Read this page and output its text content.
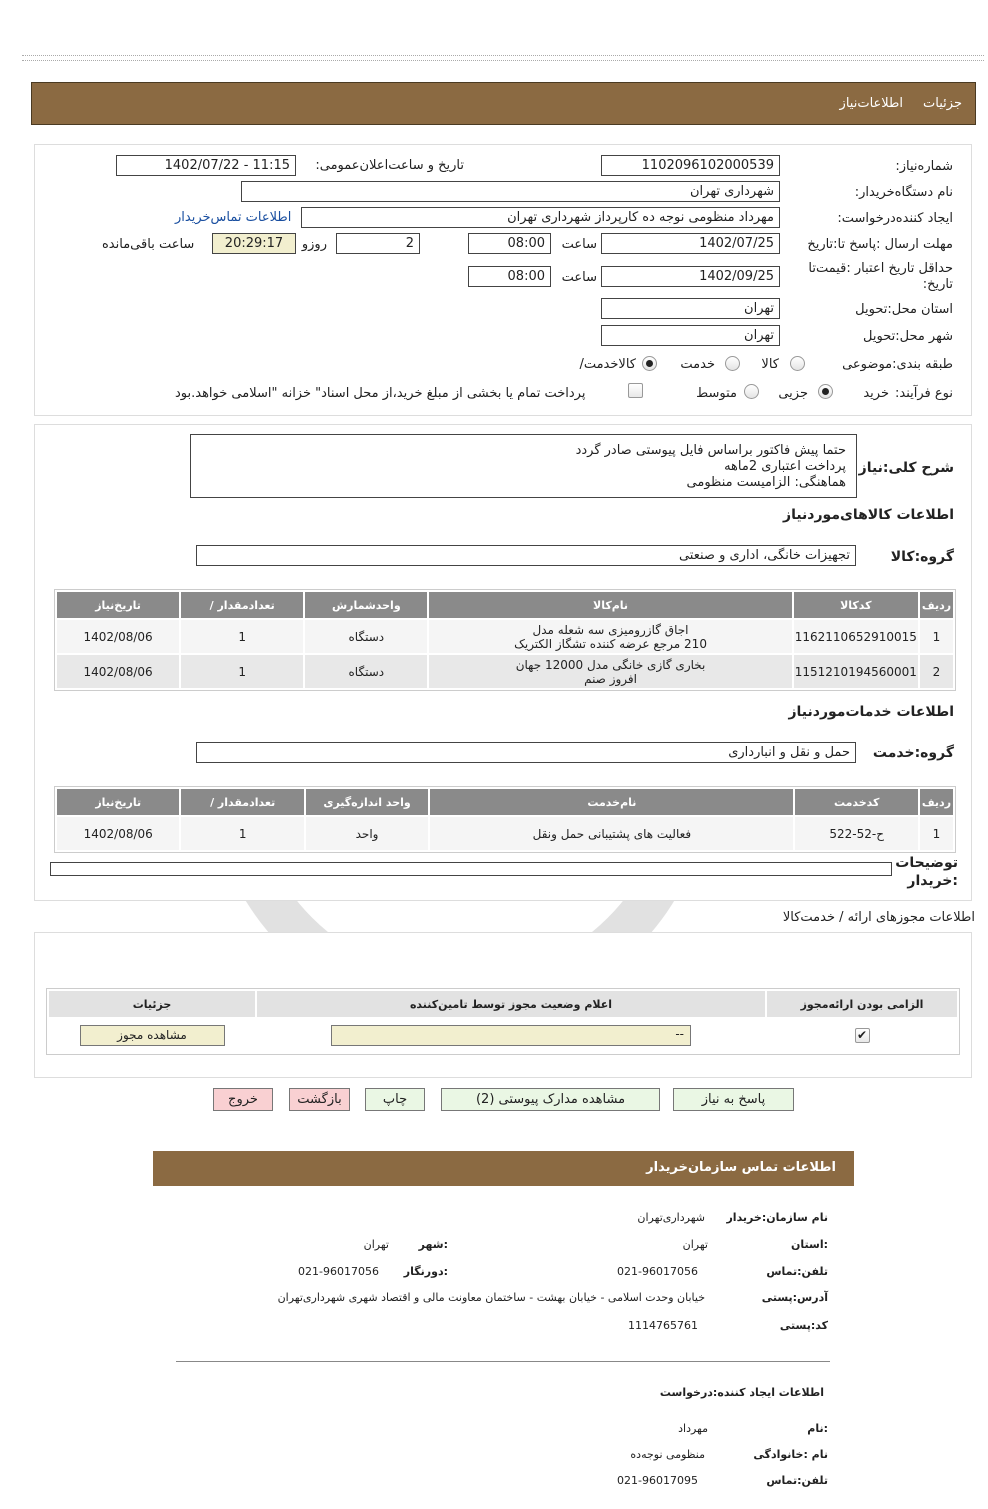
جزئیات
اطلاعات‌نیاز
شماره‌نیاز:
1102096102000539
تاریخ و ساعت‌اعلان‌عمومی:
1402/07/22 - 11:15
نام دستگاه‌خریدار:
شهرداری تهران
ایجاد کننده‌درخواست:
مهرداد منظومی نوجه ده کارپرداز شهرداری تهران
اطلاعات تماس‌خریدار
مهلت ارسال :پاسخ تا:تاریخ
1402/07/25
ساعت
08:00
2
روزو
20:29:17
ساعت باقی‌مانده
حداقل تاریخ اعتبار :قیمت‌تا
تاریخ:
1402/09/25
ساعت
08:00
استان محل:تحویل
تهران
شهر محل:تحویل
تهران
طبقه بندی:موضوعی
کالا
خدمت
کالاخدمت/
نوع فرآیند:
خرید
جزیی
متوسط
پرداخت تمام یا بخشی از مبلغ خرید،از محل اسناد" خزانه "اسلامی خواهد.بود
شرح کلی:نیاز
حتما پیش فاکتور براساس فایل پیوستی صادر گردد
پرداخت اعتباری 2ماهه
هماهنگی: الزامیست منظومی
اطلاعات کالاهای‌موردنیاز
گروه:کالا
تجهیزات خانگی، اداری و صنعتی
ردیف	کدکالا	نام‌کالا	واحدشمارش	تعدادمقدار /	تاریخ‌نیاز
1	1162110652910015	اجاق گازرومیزی سه شعله مدل
210 مرجع عرضه کننده تشگاز الکتریک	دستگاه	1	1402/08/06
2	1151210194560001	بخاری گازی خانگی مدل 12000 جهان
افروز صنم	دستگاه	1	1402/08/06
اطلاعات خدمات‌موردنیاز
گروه:خدمت
حمل و نقل و انبارداری
ردیف	کدخدمت	نام‌خدمت	واحد اندازه‌گیری	تعدادمقدار /	تاریخ‌نیاز
1	ح-52-522	فعالیت های پشتیبانی حمل ونقل	واحد	1	1402/08/06
توضیحات
:خریدار
اطلاعات مجوزهای ارائه / خدمت‌کالا
الزامی بودن ارائه‌مجوز	اعلام وضعیت مجوز توسط تامین‌کننده	جزئیات
✔	--	مشاهده مجوز
پاسخ به نیاز
مشاهده مدارک پیوستی (2)
چاپ
بازگشت
خروج
اطلاعات تماس سازمان‌خریدار
نام سازمان:خریدار
شهرداری‌تهران
:استان
تهران
:شهر
تهران
تلفن:تماس
021-96017056
:دورنگار
021-96017056
آدرس:پستی
خیابان وحدت اسلامی - خیابان بهشت - ساختمان معاونت مالی و اقتصاد شهری شهرداری‌تهران
کد:پستی
1114765761
اطلاعات ایجاد کننده:درخواست
:نام
مهرداد
نام :خانوادگی
منظومی نوجه‌ده
تلفن:تماس
021-96017095
